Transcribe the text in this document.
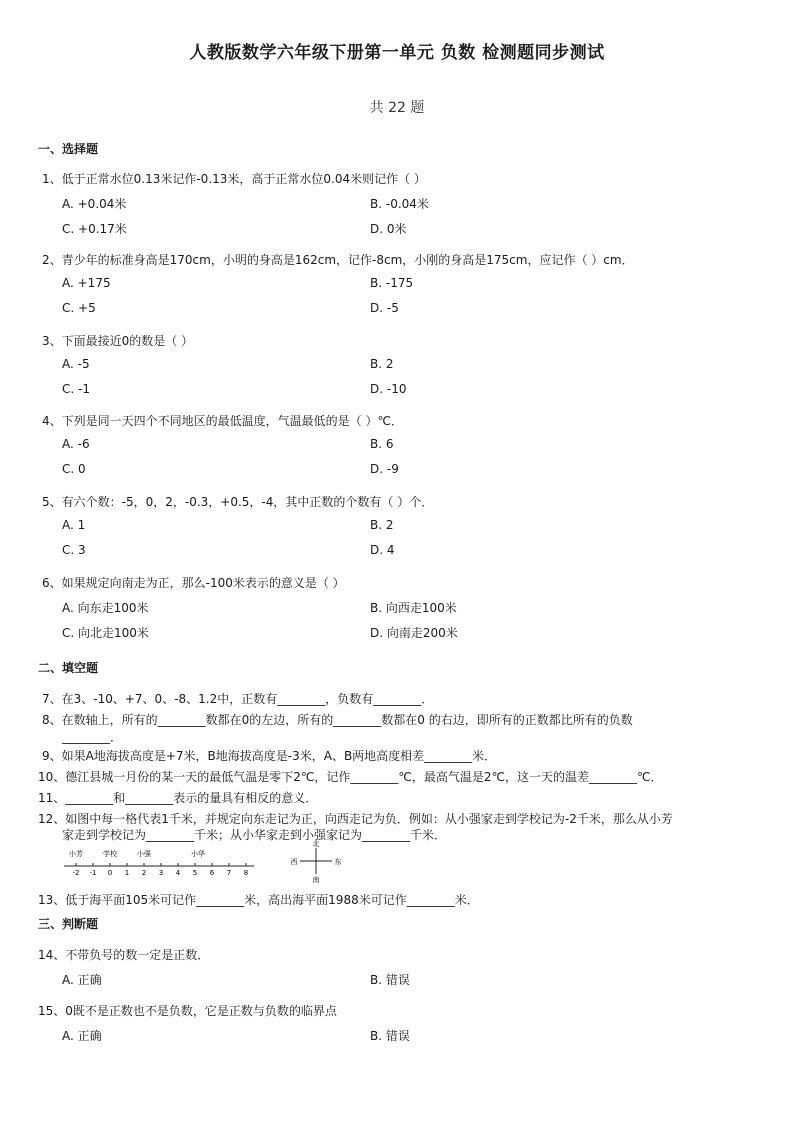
人教版数学六年级下册第一单元 负数 检测题同步测试
共 22 题
一、选择题
1、低于正常水位0.13米记作-0.13米，高于正常水位0.04米则记作（ ）
A. +0.04米	B. -0.04米
C. +0.17米	D. 0米
2、青少年的标准身高是170cm，小明的身高是162cm，记作-8cm，小刚的身高是175cm，应记作（ ）cm．
A. +175	B. -175
C. +5	D. -5
3、下面最接近0的数是（ ）
A. -5	B. 2
C. -1	D. -10
4、下列是同一天四个不同地区的最低温度，气温最低的是（ ）℃．
A. -6	B. 6
C. 0	D. -9
5、有六个数：-5，0，2，-0.3，+0.5，-4，其中正数的个数有（ ）个．
A. 1	B. 2
C. 3	D. 4
6、如果规定向南走为正，那么-100米表示的意义是（ ）
A. 向东走100米	B. 向西走100米
C. 向北走100米	D. 向南走200米
二、填空题
7、在3、-10、+7、0、-8、1.2中，正数有________，负数有________．
8、在数轴上，所有的________数都在0的左边，所有的________数都在0 的右边，即所有的正数都比所有的负数
________．
9、如果A地海拔高度是+7米，B地海拔高度是-3米，A、B两地高度相差________米．
10、德江县城一月份的某一天的最低气温是零下2℃，记作________℃，最高气温是2℃，这一天的温差________℃．
11、________和________表示的量具有相反的意义．
12、如图中每一格代表1千米，并规定向东走记为正，向西走记为负．例如：从小强家走到学校记为-2千米，那么从小芳
家走到学校记为________千米；从小华家走到小强家记为________千米．
-2 -1 0 1 2 3 4 5 6 7 8
小芳	学校	小强	小华
北
南
西	东
13、低于海平面105米可记作________米，高出海平面1988米可记作________米．
三、判断题
14、不带负号的数一定是正数．
A. 正确	B. 错误
15、0既不是正数也不是负数，它是正数与负数的临界点
A. 正确	B. 错误
